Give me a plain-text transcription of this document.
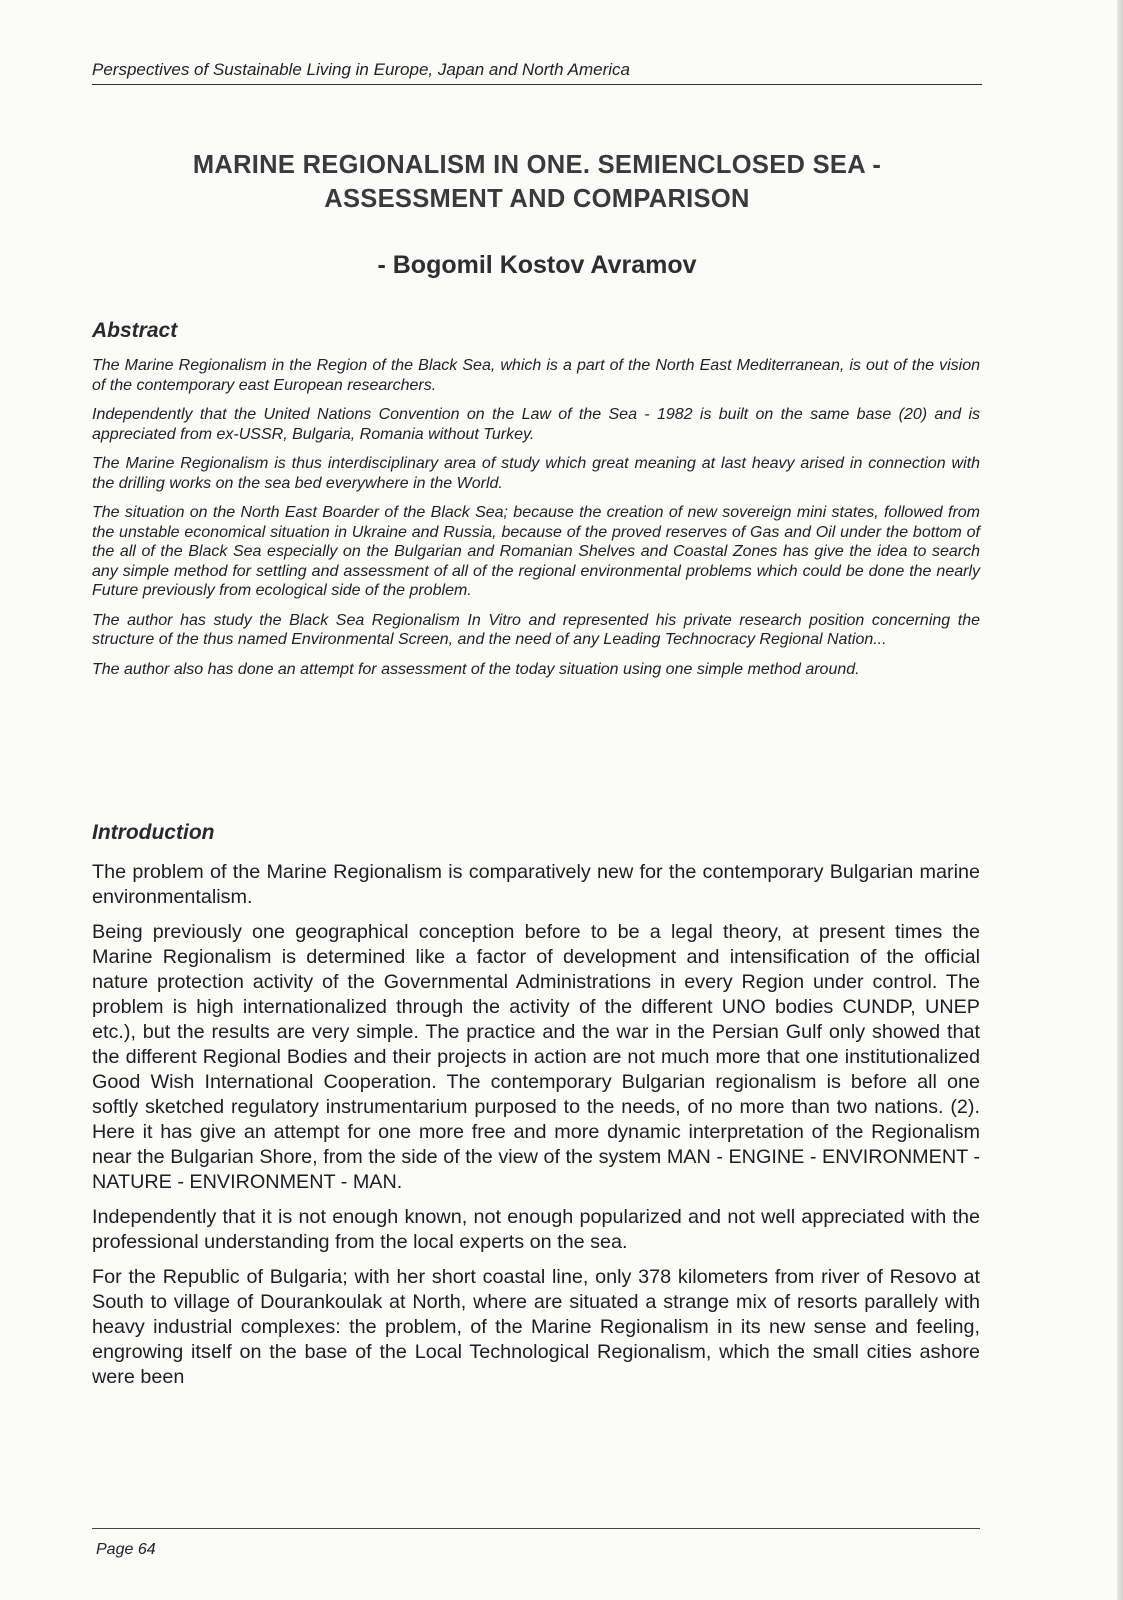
Perspectives of Sustainable Living in Europe, Japan and North America
MARINE REGIONALISM IN ONE. SEMIENCLOSED SEA -
ASSESSMENT AND COMPARISON
- Bogomil Kostov Avramov
Abstract

The Marine Regionalism in the Region of the Black Sea, which is a part of the North East Mediterranean, is out of the vision of the contemporary east European researchers.

Independently that the United Nations Convention on the Law of the Sea - 1982 is built on the same base (20) and is appreciated from ex-USSR, Bulgaria, Romania without Turkey.

The Marine Regionalism is thus interdisciplinary area of study which great meaning at last heavy arised in connection with the drilling works on the sea bed everywhere in the World.

The situation on the North East Boarder of the Black Sea; because the creation of new sovereign mini states, followed from the unstable economical situation in Ukraine and Russia, because of the proved reserves of Gas and Oil under the bottom of the all of the Black Sea especially on the Bulgarian and Romanian Shelves and Coastal Zones has give the idea to search any simple method for settling and assessment of all of the regional environmental problems which could be done the nearly Future previously from ecological side of the problem.

The author has study the Black Sea Regionalism In Vitro and represented his private research position concerning the structure of the thus named Environmental Screen, and the need of any Leading Technocracy Regional Nation...

The author also has done an attempt for assessment of the today situation using one simple method around.

Introduction

The problem of the Marine Regionalism is comparatively new for the contemporary Bulgarian marine environmentalism.

Being previously one geographical conception before to be a legal theory, at present times the Marine Regionalism is determined like a factor of development and intensification of the official nature protection activity of the Governmental Administrations in every Region under control. The problem is high internationalized through the activity of the different UNO bodies CUNDP, UNEP etc.), but the results are very simple. The practice and the war in the Persian Gulf only showed that the different Regional Bodies and their projects in action are not much more that one institutionalized Good Wish International Cooperation. The contemporary Bulgarian regionalism is before all one softly sketched regulatory instrumentarium purposed to the needs, of no more than two nations. (2). Here it has give an attempt for one more free and more dynamic interpretation of the Regionalism near the Bulgarian Shore, from the side of the view of the system MAN - ENGINE - ENVIRONMENT - NATURE - ENVIRONMENT - MAN.

Independently that it is not enough known, not enough popularized and not well appreciated with the professional understanding from the local experts on the sea.

For the Republic of Bulgaria; with her short coastal line, only 378 kilometers from river of Resovo at South to village of Dourankoulak at North, where are situated a strange mix of resorts parallely with heavy industrial complexes: the problem, of the Marine Regionalism in its new sense and feeling, engrowing itself on the base of the Local Technological Regionalism, which the small cities ashore were been

Page 64
